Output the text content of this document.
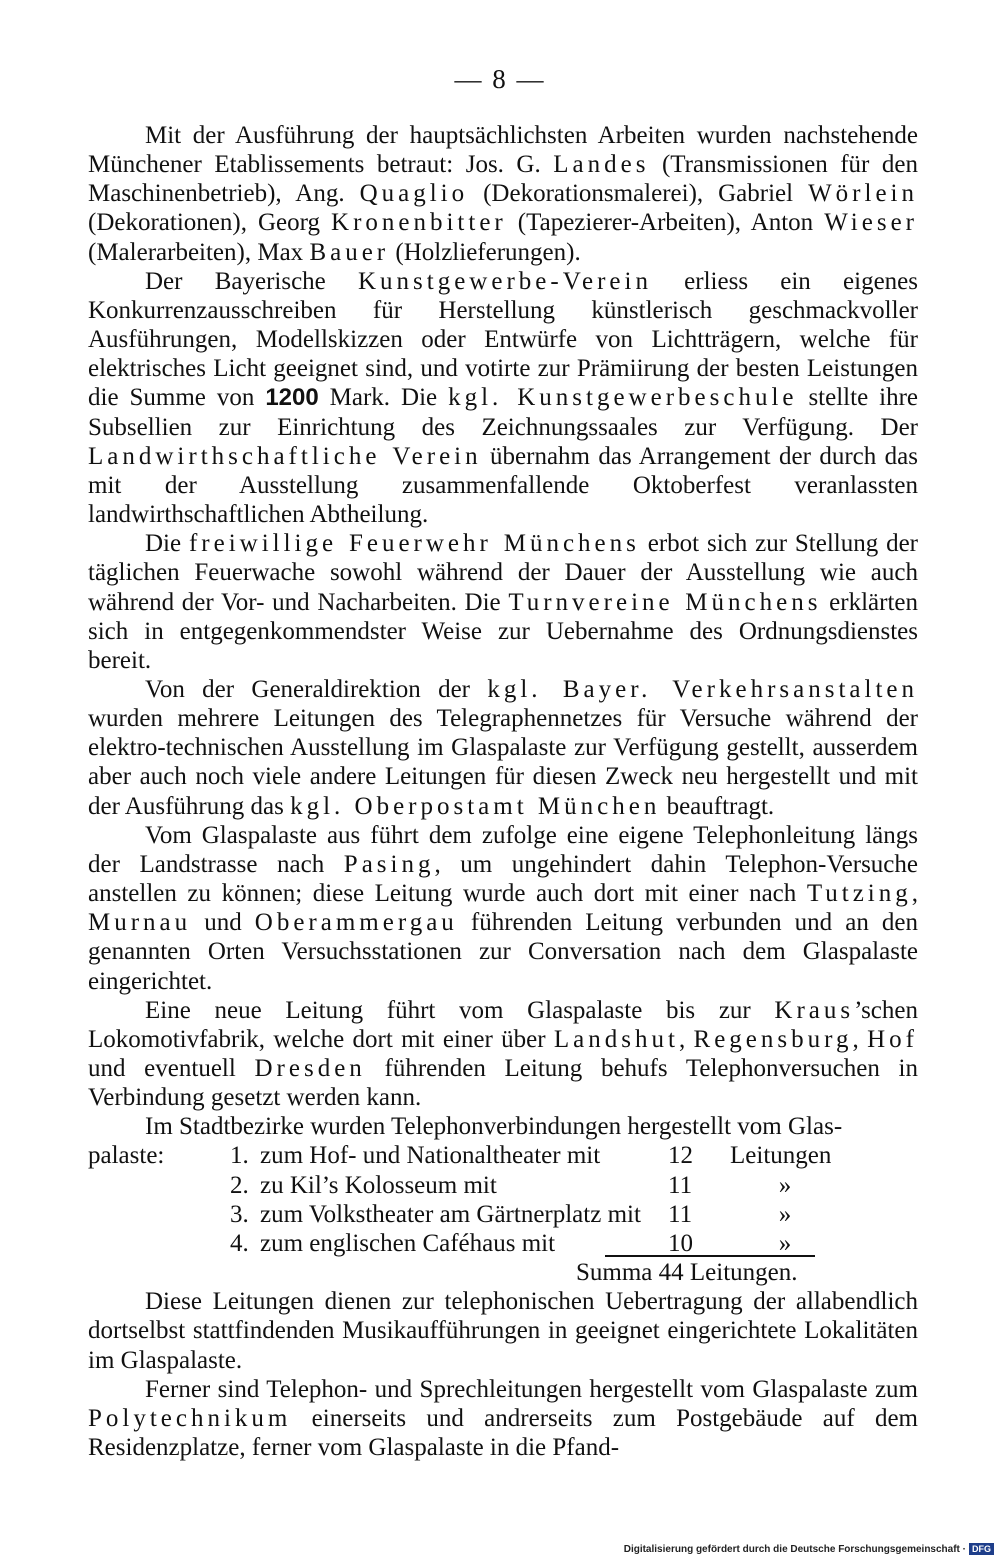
— 8 —

Mit der Ausführung der hauptsächlichsten Arbeiten wurden nachstehende Münchener Etablissements betraut: Jos. G. Landes (Transmissionen für den Maschinenbetrieb), Ang. Quaglio (Dekorationsmalerei), Gabriel Wörlein (Dekorationen), Georg Kronenbitter (Tapezierer-Arbeiten), Anton Wieser (Malerarbeiten), Max Bauer (Holzlieferungen).

Der Bayerische Kunstgewerbe-Verein erliess ein eigenes Konkurrenzausschreiben für Herstellung künstlerisch geschmackvoller Ausführungen, Modellskizzen oder Entwürfe von Lichtträgern, welche für elektrisches Licht geeignet sind, und votirte zur Prämiirung der besten Leistungen die Summe von 1200 Mark. Die kgl. Kunstgewerbeschule stellte ihre Subsellien zur Einrichtung des Zeichnungssaales zur Verfügung. Der Landwirthschaftliche Verein übernahm das Arrangement der durch das mit der Ausstellung zusammenfallende Oktoberfest veranlassten landwirthschaftlichen Abtheilung.

Die freiwillige Feuerwehr Münchens erbot sich zur Stellung der täglichen Feuerwache sowohl während der Dauer der Ausstellung wie auch während der Vor- und Nacharbeiten. Die Turnvereine Münchens erklärten sich in entgegenkommendster Weise zur Uebernahme des Ordnungsdienstes bereit.

Von der Generaldirektion der kgl. Bayer. Verkehrsanstalten wurden mehrere Leitungen des Telegraphennetzes für Versuche während der elektro-technischen Ausstellung im Glaspalaste zur Verfügung gestellt, ausserdem aber auch noch viele andere Leitungen für diesen Zweck neu hergestellt und mit der Ausführung das kgl. Oberpostamt München beauftragt.

Vom Glaspalaste aus führt dem zufolge eine eigene Telephonleitung längs der Landstrasse nach Pasing, um ungehindert dahin Telephon-Versuche anstellen zu können; diese Leitung wurde auch dort mit einer nach Tutzing, Murnau und Oberammergau führenden Leitung verbunden und an den genannten Orten Versuchsstationen zur Conversation nach dem Glaspalaste eingerichtet.

Eine neue Leitung führt vom Glaspalaste bis zur Kraus’schen Lokomotivfabrik, welche dort mit einer über Landshut, Regensburg, Hof und eventuell Dresden führenden Leitung behufs Telephonversuchen in Verbindung gesetzt werden kann.

Im Stadtbezirke wurden Telephonverbindungen hergestellt vom Glas-

palaste:	1. zum Hof- und Nationaltheater mit	12	Leitungen
2. zu Kil’s Kolosseum mit	11	»
3. zum Volkstheater am Gärtnerplatz mit	11	»
4. zum englischen Caféhaus mit	10	»
Summa 44 Leitungen.

Diese Leitungen dienen zur telephonischen Uebertragung der allabendlich dortselbst stattfindenden Musikaufführungen in geeignet eingerichtete Lokalitäten im Glaspalaste.

Ferner sind Telephon- und Sprechleitungen hergestellt vom Glaspalaste zum Polytechnikum einerseits und andrerseits zum Postgebäude auf dem Residenzplatze, ferner vom Glaspalaste in die Pfand-

Digitalisierung gefördert durch die Deutsche Forschungsgemeinschaft · DFG
